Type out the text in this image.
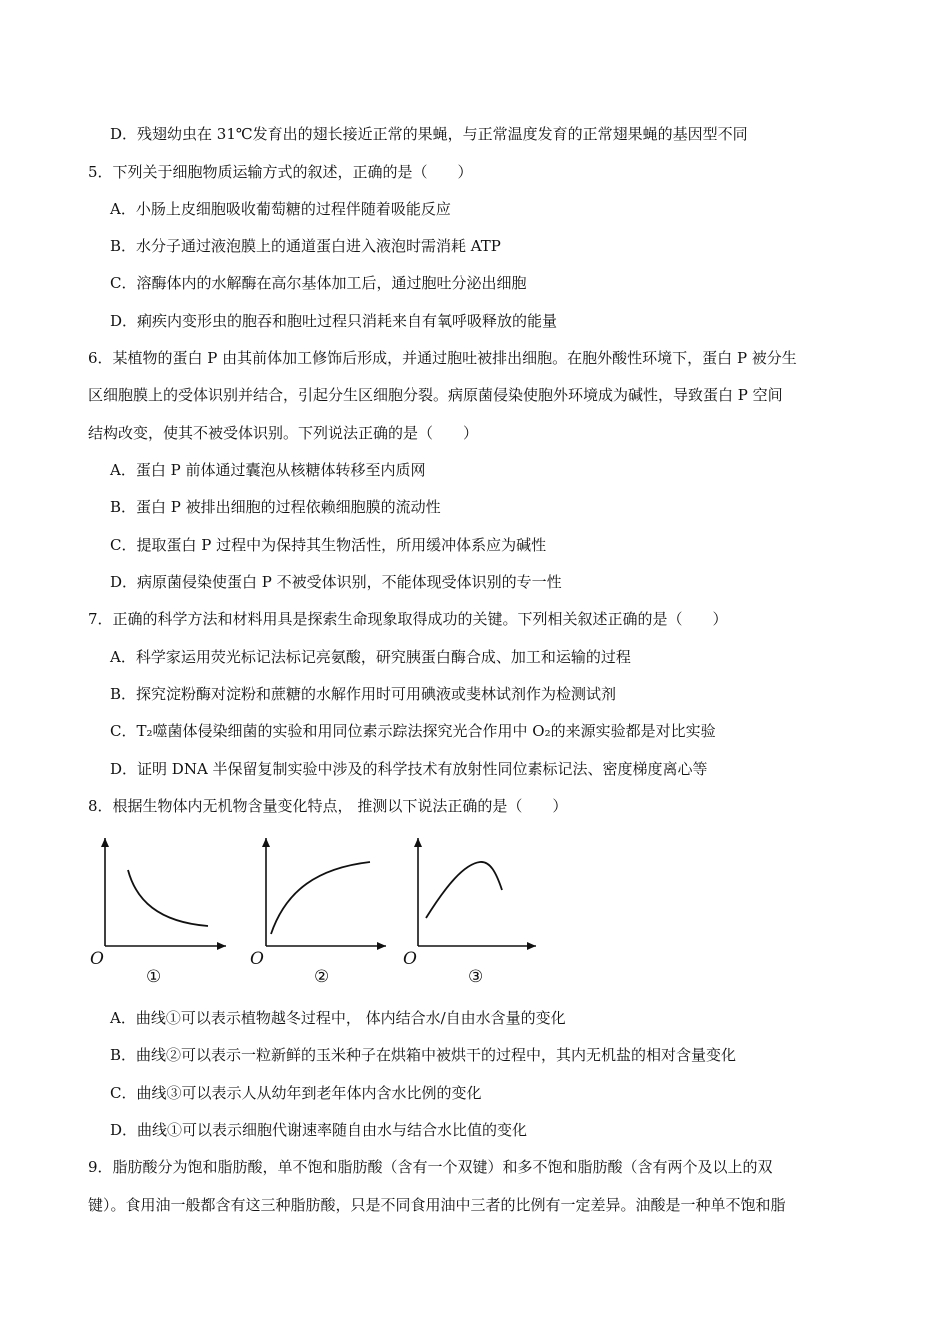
D．残翅幼虫在 31℃发育出的翅长接近正常的果蝇，与正常温度发育的正常翅果蝇的基因型不同
5．下列关于细胞物质运输方式的叙述，正确的是（　　）
A．小肠上皮细胞吸收葡萄糖的过程伴随着吸能反应
B．水分子通过液泡膜上的通道蛋白进入液泡时需消耗 ATP
C．溶酶体内的水解酶在高尔基体加工后，通过胞吐分泌出细胞
D．痢疾内变形虫的胞吞和胞吐过程只消耗来自有氧呼吸释放的能量
6．某植物的蛋白 P 由其前体加工修饰后形成，并通过胞吐被排出细胞。在胞外酸性环境下，蛋白 P 被分生
区细胞膜上的受体识别并结合，引起分生区细胞分裂。病原菌侵染使胞外环境成为碱性，导致蛋白 P 空间
结构改变，使其不被受体识别。下列说法正确的是（　　）
A．蛋白 P 前体通过囊泡从核糖体转移至内质网
B．蛋白 P 被排出细胞的过程依赖细胞膜的流动性
C．提取蛋白 P 过程中为保持其生物活性，所用缓冲体系应为碱性
D．病原菌侵染使蛋白 P 不被受体识别，不能体现受体识别的专一性
7．正确的科学方法和材料用具是探索生命现象取得成功的关键。下列相关叙述正确的是（　　）
A．科学家运用荧光标记法标记亮氨酸，研究胰蛋白酶合成、加工和运输的过程
B．探究淀粉酶对淀粉和蔗糖的水解作用时可用碘液或斐林试剂作为检测试剂
C．T₂噬菌体侵染细菌的实验和用同位素示踪法探究光合作用中 O₂的来源实验都是对比实验
D．证明 DNA 半保留复制实验中涉及的科学技术有放射性同位素标记法、密度梯度离心等
8．根据生物体内无机物含量变化特点， 推测以下说法正确的是（　　）
O
①
O
②
O
③
A．曲线①可以表示植物越冬过程中， 体内结合水/自由水含量的变化
B．曲线②可以表示一粒新鲜的玉米种子在烘箱中被烘干的过程中，其内无机盐的相对含量变化
C．曲线③可以表示人从幼年到老年体内含水比例的变化
D．曲线①可以表示细胞代谢速率随自由水与结合水比值的变化
9．脂肪酸分为饱和脂肪酸，单不饱和脂肪酸（含有一个双键）和多不饱和脂肪酸（含有两个及以上的双
键）。食用油一般都含有这三种脂肪酸，只是不同食用油中三者的比例有一定差异。油酸是一种单不饱和脂
